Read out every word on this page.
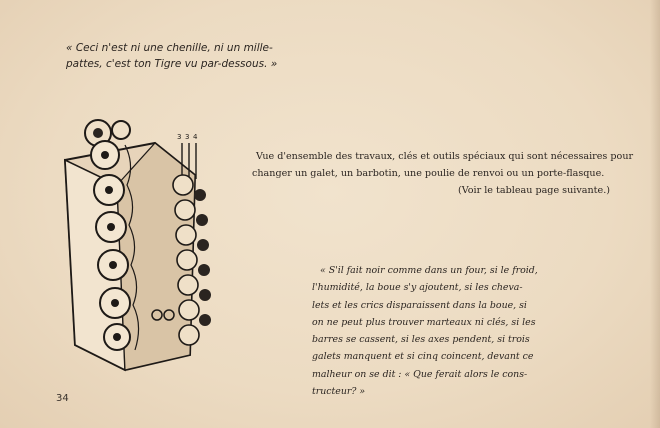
« Ceci n'est ni une chenille, ni un mille-
pattes, c'est ton Tigre vu par-dessous. »
3 3 4
Vue d'ensemble des travaux, clés et outils spéciaux qui sont nécessaires pour
changer un galet, un barbotin, une poulie de renvoi ou un porte-flasque.
(Voir le tableau page suivante.)
« S'il fait noir comme dans un four, si le froid,
l'humidité, la boue s'y ajoutent, si les cheva-
lets et les crics disparaissent dans la boue, si
on ne peut plus trouver marteaux ni clés, si les
barres se cassent, si les axes pendent, si trois
galets manquent et si cinq coincent, devant ce
malheur on se dit : « Que ferait alors le cons-
tructeur? »
34
